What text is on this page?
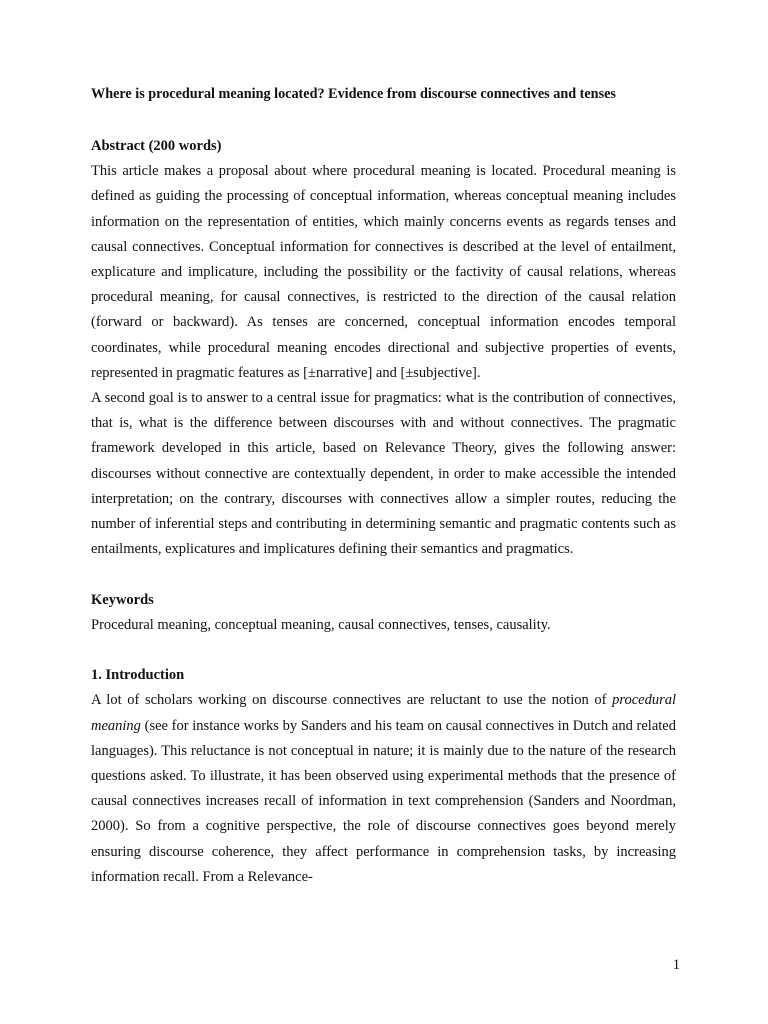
Where is procedural meaning located? Evidence from discourse connectives and tenses

Abstract (200 words)

This article makes a proposal about where procedural meaning is located. Procedural meaning is defined as guiding the processing of conceptual information, whereas conceptual meaning includes information on the representation of entities, which mainly concerns events as regards tenses and causal connectives. Conceptual information for connectives is described at the level of entailment, explicature and implicature, including the possibility or the factivity of causal relations, whereas procedural meaning, for causal connectives, is restricted to the direction of the causal relation (forward or backward). As tenses are concerned, conceptual information encodes temporal coordinates, while procedural meaning encodes directional and subjective properties of events, represented in pragmatic features as [±narrative] and [±subjective].

A second goal is to answer to a central issue for pragmatics: what is the contribution of connectives, that is, what is the difference between discourses with and without connectives. The pragmatic framework developed in this article, based on Relevance Theory, gives the following answer: discourses without connective are contextually dependent, in order to make accessible the intended interpretation; on the contrary, discourses with connectives allow a simpler routes, reducing the number of inferential steps and contributing in determining semantic and pragmatic contents such as entailments, explicatures and implicatures defining their semantics and pragmatics.

Keywords

Procedural meaning, conceptual meaning, causal connectives, tenses, causality.

1. Introduction

A lot of scholars working on discourse connectives are reluctant to use the notion of procedural meaning (see for instance works by Sanders and his team on causal connectives in Dutch and related languages). This reluctance is not conceptual in nature; it is mainly due to the nature of the research questions asked. To illustrate, it has been observed using experimental methods that the presence of causal connectives increases recall of information in text comprehension (Sanders and Noordman, 2000). So from a cognitive perspective, the role of discourse connectives goes beyond merely ensuring discourse coherence, they affect performance in comprehension tasks, by increasing information recall. From a Relevance-

1
